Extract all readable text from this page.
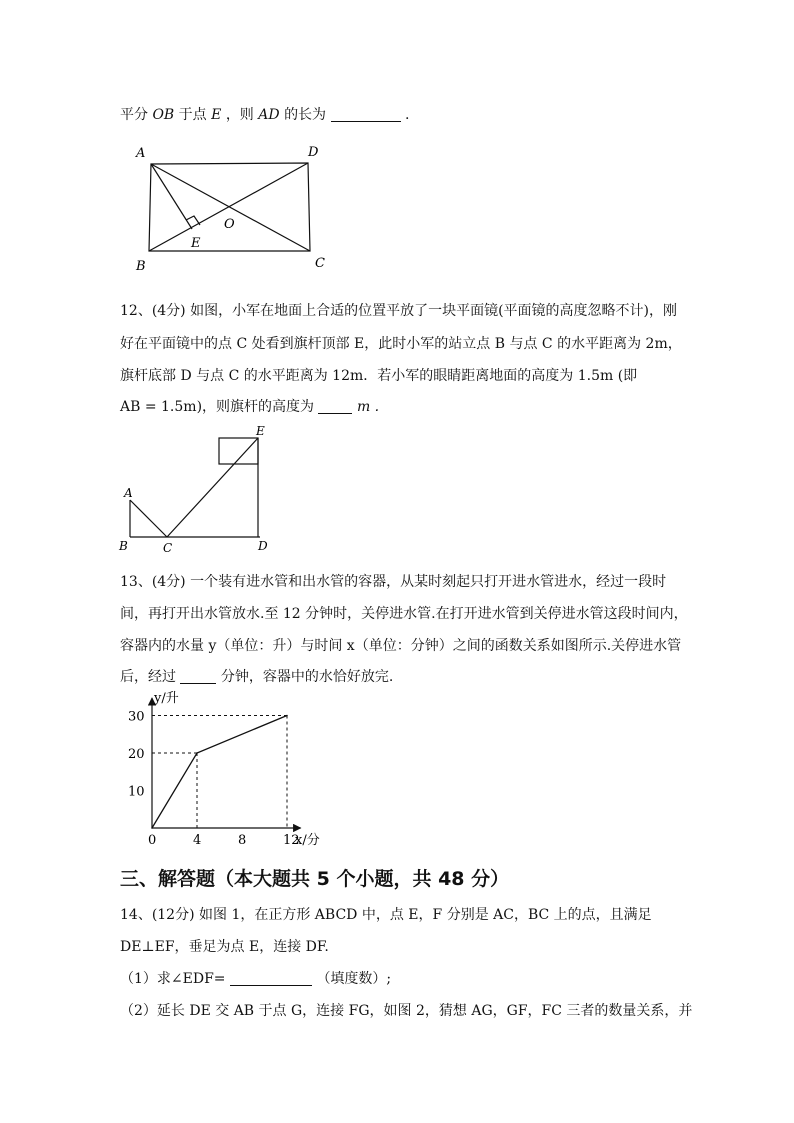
平分 OB 于点 E ，则 AD 的长为	.
A	D
B	C
O
E
12、(4分) 如图，小军在地面上合适的位置平放了一块平面镜(平面镜的高度忽略不计)，刚
好在平面镜中的点 C 处看到旗杆顶部 E，此时小军的站立点 B 与点 C 的水平距离为 2m，
旗杆底部 D 与点 C 的水平距离为 12m．若小军的眼睛距离地面的高度为 1.5m (即
AB = 1.5m)，则旗杆的高度为	m .
A
B	C	D
E
13、(4分) 一个装有进水管和出水管的容器，从某时刻起只打开进水管进水，经过一段时
间，再打开出水管放水.至 12 分钟时，关停进水管.在打开进水管到关停进水管这段时间内，
容器内的水量 y（单位：升）与时间 x（单位：分钟）之间的函数关系如图所示.关停进水管
后，经过	分钟，容器中的水恰好放完.
0	4	8	12
10
20
30
x/分
y/升
三、解答题（本大题共 5 个小题，共 48 分）
14、(12分) 如图 1，在正方形 ABCD 中，点 E，F 分别是 AC，BC 上的点，且满足
DE⊥EF，垂足为点 E，连接 DF.
（1）求∠EDF=	（填度数）;
（2）延长 DE 交 AB 于点 G，连接 FG，如图 2，猜想 AG，GF，FC 三者的数量关系，并
